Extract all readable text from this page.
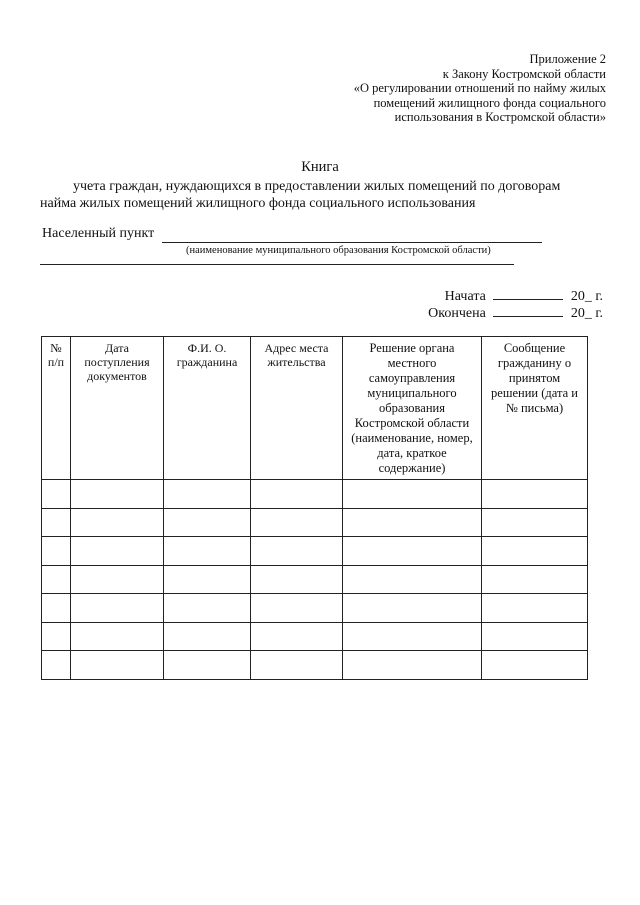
Приложение 2
к Закону Костромской области
«О регулировании отношений по найму жилых
помещений жилищного фонда социального
использования в Костромской области»
Книга
учета граждан, нуждающихся в предоставлении жилых помещений по договорам
найма жилых помещений жилищного фонда социального использования
Населенный пункт
(наименование муниципального образования Костромской области)
Начата	20_ г.
Окончена	20_ г.
№ п/п	Дата поступления документов	Ф.И. О. гражданина	Адрес места жительства	Решение органа местного самоуправления муниципального образования Костромской области (наименование, номер, дата, краткое содержание)	Сообщение гражданину о принятом решении (дата и № письма)
